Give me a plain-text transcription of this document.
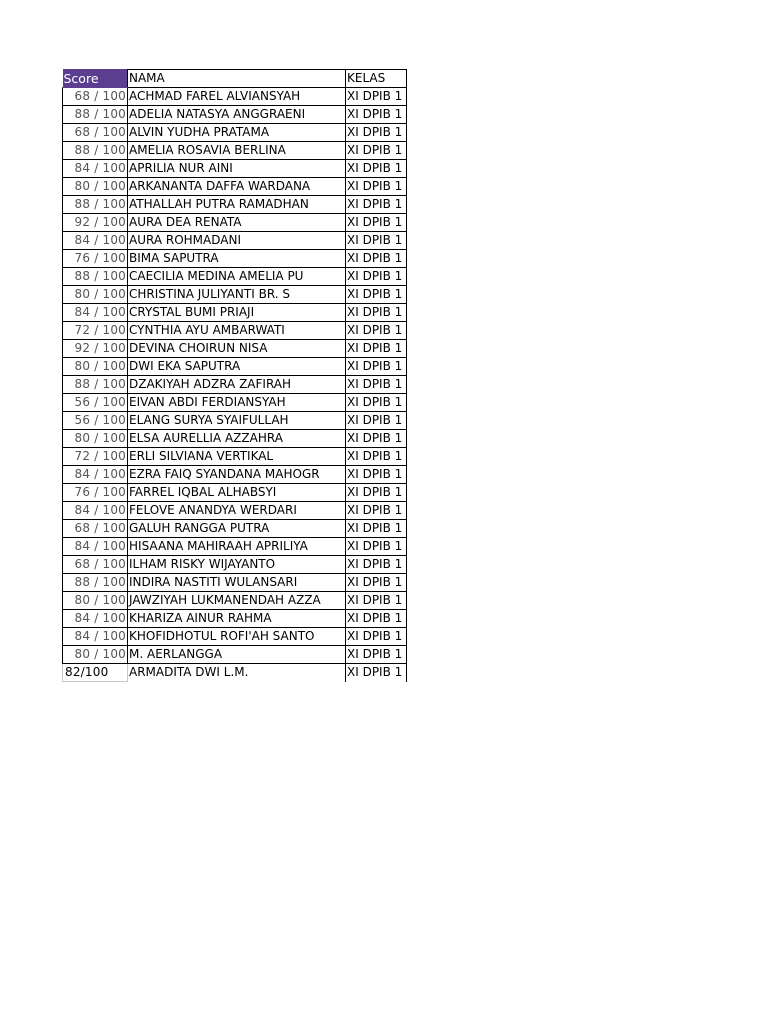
Score	NAMA	KELAS
68 / 100	ACHMAD FAREL ALVIANSYAH	XI DPIB 1
88 / 100	ADELIA NATASYA ANGGRAENI	XI DPIB 1
68 / 100	ALVIN YUDHA PRATAMA	XI DPIB 1
88 / 100	AMELIA ROSAVIA BERLINA	XI DPIB 1
84 / 100	APRILIA NUR AINI	XI DPIB 1
80 / 100	ARKANANTA DAFFA WARDANA	XI DPIB 1
88 / 100	ATHALLAH PUTRA RAMADHAN	XI DPIB 1
92 / 100	AURA DEA RENATA	XI DPIB 1
84 / 100	AURA ROHMADANI	XI DPIB 1
76 / 100	BIMA SAPUTRA	XI DPIB 1
88 / 100	CAECILIA MEDINA AMELIA PU	XI DPIB 1
80 / 100	CHRISTINA JULIYANTI BR. S	XI DPIB 1
84 / 100	CRYSTAL BUMI PRIAJI	XI DPIB 1
72 / 100	CYNTHIA AYU AMBARWATI	XI DPIB 1
92 / 100	DEVINA CHOIRUN NISA	XI DPIB 1
80 / 100	DWI EKA SAPUTRA	XI DPIB 1
88 / 100	DZAKIYAH ADZRA ZAFIRAH	XI DPIB 1
56 / 100	EIVAN ABDI FERDIANSYAH	XI DPIB 1
56 / 100	ELANG SURYA SYAIFULLAH	XI DPIB 1
80 / 100	ELSA AURELLIA AZZAHRA	XI DPIB 1
72 / 100	ERLI SILVIANA VERTIKAL	XI DPIB 1
84 / 100	EZRA FAIQ SYANDANA MAHOGR	XI DPIB 1
76 / 100	FARREL IQBAL ALHABSYI	XI DPIB 1
84 / 100	FELOVE ANANDYA WERDARI	XI DPIB 1
68 / 100	GALUH RANGGA PUTRA	XI DPIB 1
84 / 100	HISAANA MAHIRAAH APRILIYA	XI DPIB 1
68 / 100	ILHAM RISKY WIJAYANTO	XI DPIB 1
88 / 100	INDIRA NASTITI WULANSARI	XI DPIB 1
80 / 100	JAWZIYAH LUKMANENDAH AZZA	XI DPIB 1
84 / 100	KHARIZA AINUR RAHMA	XI DPIB 1
84 / 100	KHOFIDHOTUL ROFI'AH SANTO	XI DPIB 1
80 / 100	M. AERLANGGA	XI DPIB 1
82/100	ARMADITA DWI L.M.	XI DPIB 1
